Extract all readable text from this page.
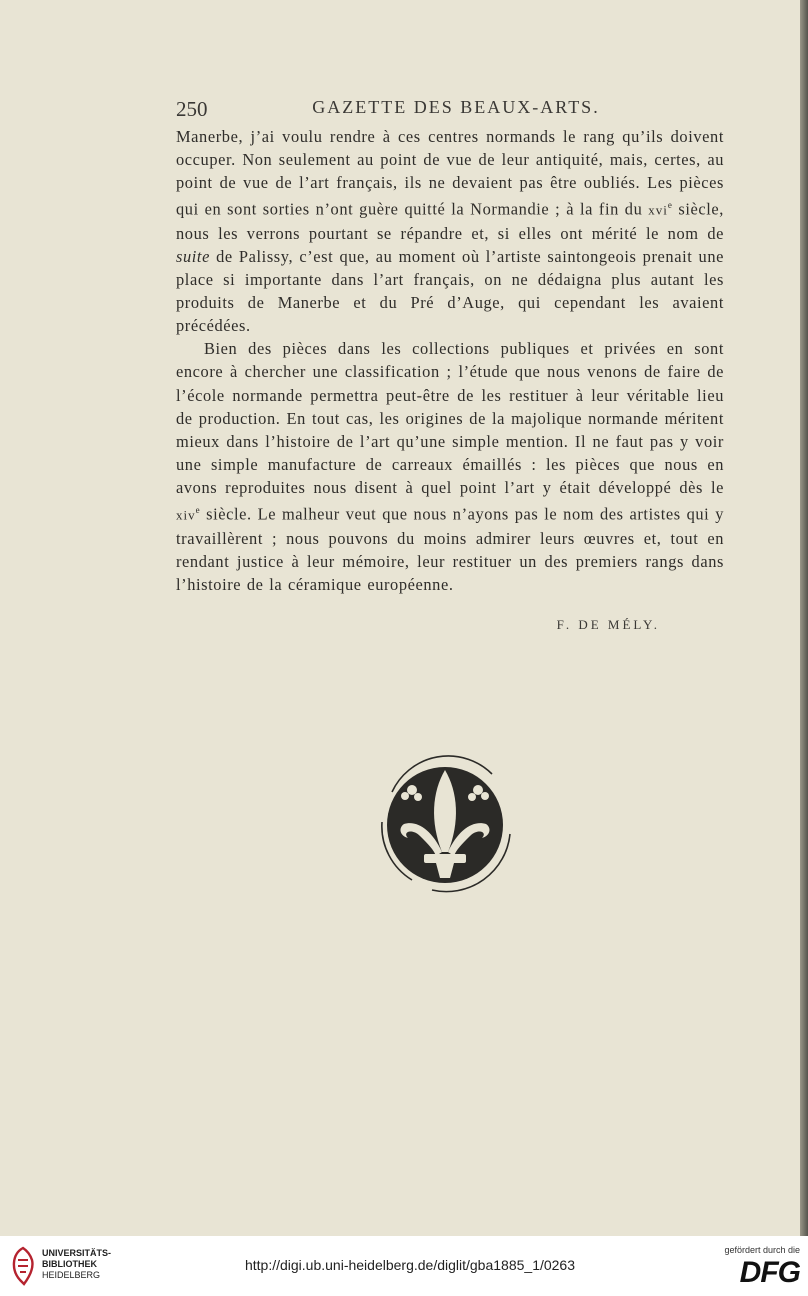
250	GAZETTE DES BEAUX-ARTS.

Manerbe, j’ai voulu rendre à ces centres normands le rang qu’ils doivent occuper. Non seulement au point de vue de leur antiquité, mais, certes, au point de vue de l’art français, ils ne devaient pas être oubliés. Les pièces qui en sont sorties n’ont guère quitté la Normandie ; à la fin du xvi$^e$ siècle, nous les verrons pourtant se répandre et, si elles ont mérité le nom de suite de Palissy, c’est que, au moment où l’artiste saintongeois prenait une place si importante dans l’art français, on ne dédaigna plus autant les produits de Manerbe et du Pré d’Auge, qui cependant les avaient précédées.

Bien des pièces dans les collections publiques et privées en sont encore à chercher une classification ; l’étude que nous venons de faire de l’école normande permettra peut-être de les restituer à leur véritable lieu de production. En tout cas, les origines de la majolique normande méritent mieux dans l’histoire de l’art qu’une simple mention. Il ne faut pas y voir une simple manufacture de carreaux émaillés : les pièces que nous en avons reproduites nous disent à quel point l’art y était développé dès le xiv$^e$ siècle. Le malheur veut que nous n’ayons pas le nom des artistes qui y travaillèrent ; nous pouvons du moins admirer leurs œuvres et, tout en rendant justice à leur mémoire, leur restituer un des premiers rangs dans l’histoire de la céramique européenne.

F. DE MÉLY.
UNIVERSITÄTS-
BIBLIOTHEK
HEIDELBERG
http://digi.ub.uni-heidelberg.de/diglit/gba1885_1/0263
gefördert durch die
DFG
